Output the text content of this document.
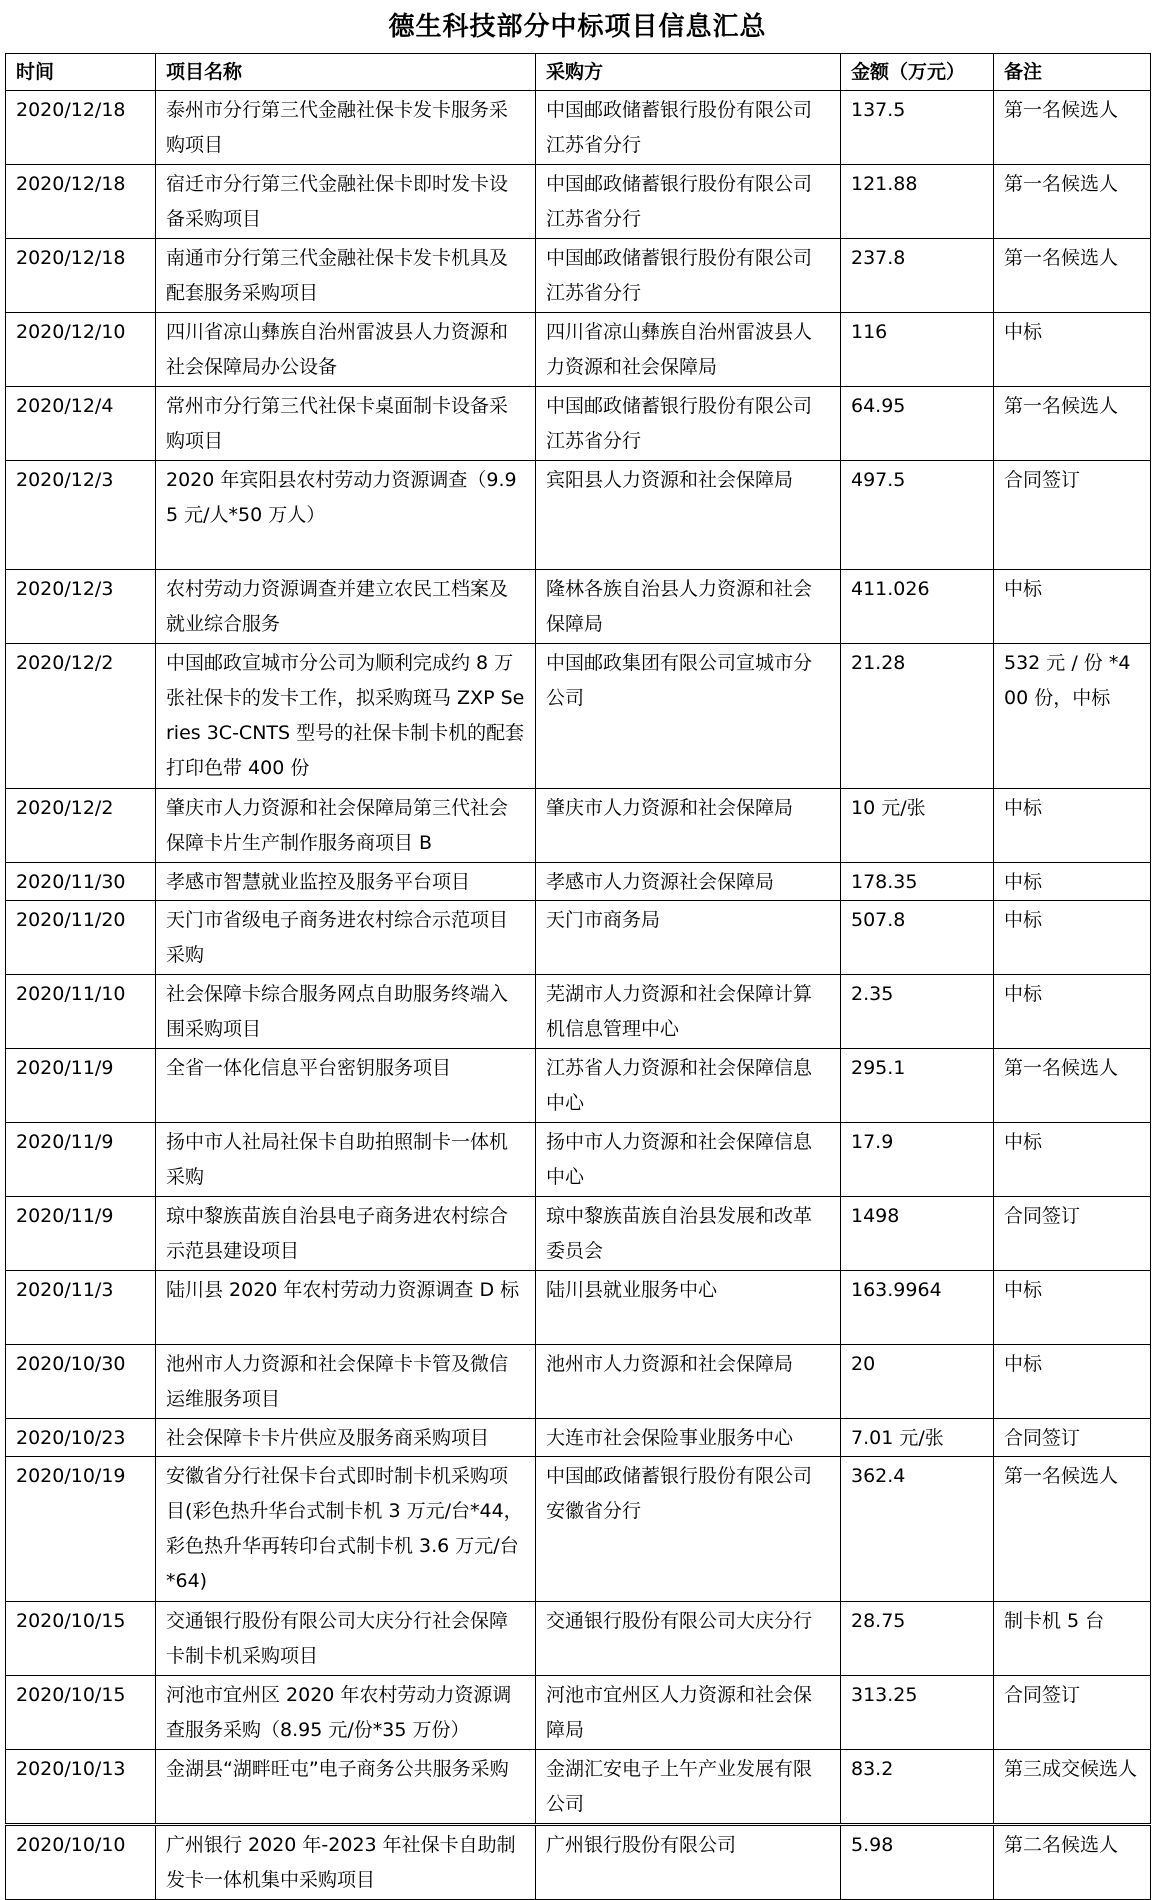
德生科技部分中标项目信息汇总
时间	项目名称	采购方	金额（万元）	备注
2020/12/18	泰州市分行第三代金融社保卡发卡服务采购项目	中国邮政储蓄银行股份有限公司江苏省分行	137.5	第一名候选人
2020/12/18	宿迁市分行第三代金融社保卡即时发卡设备采购项目	中国邮政储蓄银行股份有限公司江苏省分行	121.88	第一名候选人
2020/12/18	南通市分行第三代金融社保卡发卡机具及配套服务采购项目	中国邮政储蓄银行股份有限公司江苏省分行	237.8	第一名候选人
2020/12/10	四川省凉山彝族自治州雷波县人力资源和社会保障局办公设备	四川省凉山彝族自治州雷波县人力资源和社会保障局	116	中标
2020/12/4	常州市分行第三代社保卡桌面制卡设备采购项目	中国邮政储蓄银行股份有限公司江苏省分行	64.95	第一名候选人
2020/12/3	2020 年宾阳县农村劳动力资源调查（9.95 元/人*50 万人）	宾阳县人力资源和社会保障局	497.5	合同签订
2020/12/3	农村劳动力资源调查并建立农民工档案及就业综合服务	隆林各族自治县人力资源和社会保障局	411.026	中标
2020/12/2	中国邮政宣城市分公司为顺利完成约 8 万张社保卡的发卡工作，拟采购斑马 ZXP Series 3C-CNTS 型号的社保卡制卡机的配套打印色带 400 份	中国邮政集团有限公司宣城市分公司	21.28	532 元 / 份 *400 份，中标
2020/12/2	肇庆市人力资源和社会保障局第三代社会保障卡片生产制作服务商项目 B	肇庆市人力资源和社会保障局	10 元/张	中标
2020/11/30	孝感市智慧就业监控及服务平台项目	孝感市人力资源社会保障局	178.35	中标
2020/11/20	天门市省级电子商务进农村综合示范项目采购	天门市商务局	507.8	中标
2020/11/10	社会保障卡综合服务网点自助服务终端入围采购项目	芜湖市人力资源和社会保障计算机信息管理中心	2.35	中标
2020/11/9	全省一体化信息平台密钥服务项目	江苏省人力资源和社会保障信息中心	295.1	第一名候选人
2020/11/9	扬中市人社局社保卡自助拍照制卡一体机采购	扬中市人力资源和社会保障信息中心	17.9	中标
2020/11/9	琼中黎族苗族自治县电子商务进农村综合示范县建设项目	琼中黎族苗族自治县发展和改革委员会	1498	合同签订
2020/11/3	陆川县 2020 年农村劳动力资源调查 D 标	陆川县就业服务中心	163.9964	中标
2020/10/30	池州市人力资源和社会保障卡卡管及微信运维服务项目	池州市人力资源和社会保障局	20	中标
2020/10/23	社会保障卡卡片供应及服务商采购项目	大连市社会保险事业服务中心	7.01 元/张	合同签订
2020/10/19	安徽省分行社保卡台式即时制卡机采购项目(彩色热升华台式制卡机 3 万元/台*44，彩色热升华再转印台式制卡机 3.6 万元/台*64)	中国邮政储蓄银行股份有限公司安徽省分行	362.4	第一名候选人
2020/10/15	交通银行股份有限公司大庆分行社会保障卡制卡机采购项目	交通银行股份有限公司大庆分行	28.75	制卡机 5 台
2020/10/15	河池市宜州区 2020 年农村劳动力资源调查服务采购（8.95 元/份*35 万份）	河池市宜州区人力资源和社会保障局	313.25	合同签订
2020/10/13	金湖县“湖畔旺屯”电子商务公共服务采购	金湖汇安电子上午产业发展有限公司	83.2	第三成交候选人
2020/10/10	广州银行 2020 年-2023 年社保卡自助制发卡一体机集中采购项目	广州银行股份有限公司	5.98	第二名候选人
